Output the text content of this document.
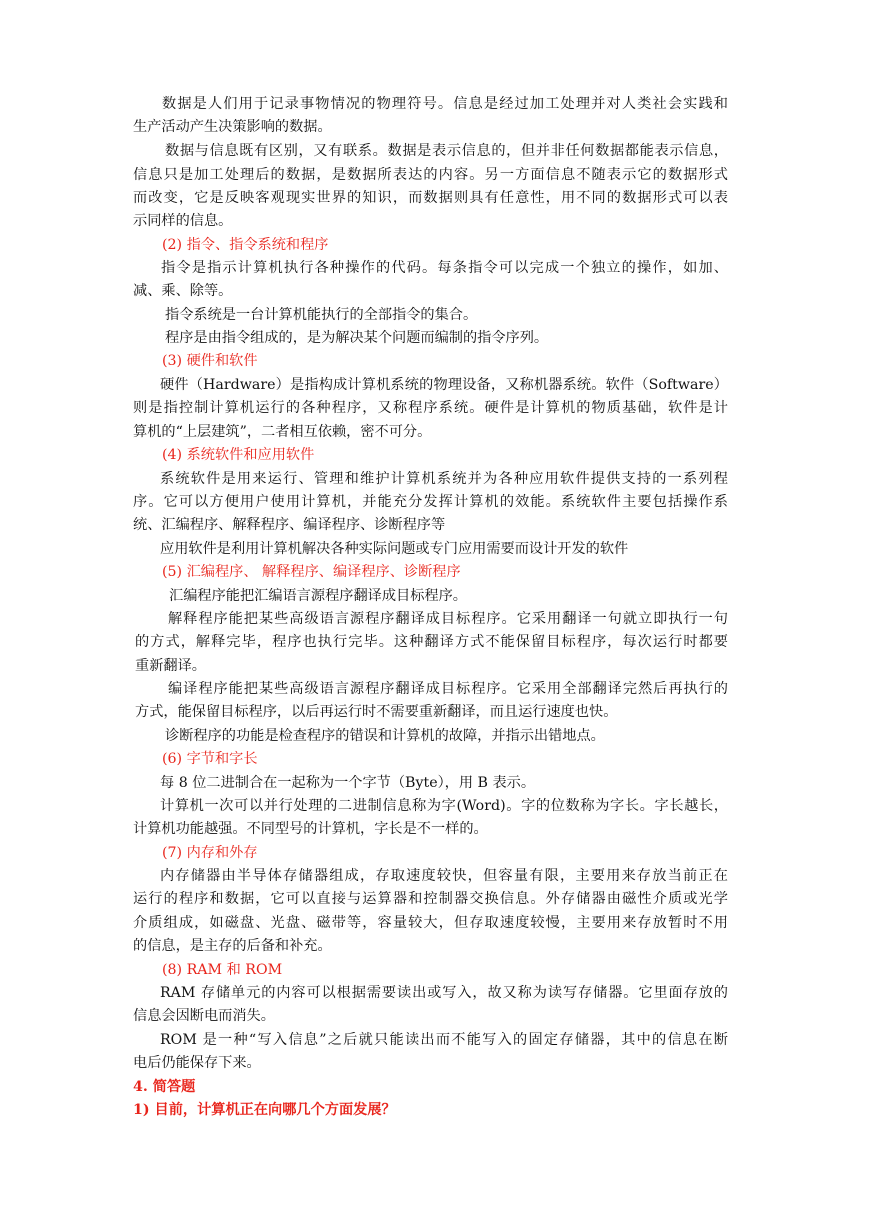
数据是人们用于记录事物情况的物理符号。信息是经过加工处理并对人类社会实践和
生产活动产生决策影响的数据。
数据与信息既有区别，又有联系。数据是表示信息的，但并非任何数据都能表示信息，
信息只是加工处理后的数据，是数据所表达的内容。另一方面信息不随表示它的数据形式
而改变，它是反映客观现实世界的知识，而数据则具有任意性，用不同的数据形式可以表
示同样的信息。
(2) 指令、指令系统和程序
指令是指示计算机执行各种操作的代码。每条指令可以完成一个独立的操作，如加、
减、乘、除等。
指令系统是一台计算机能执行的全部指令的集合。
程序是由指令组成的，是为解决某个问题而编制的指令序列。
(3) 硬件和软件
硬件（Hardware）是指构成计算机系统的物理设备，又称机器系统。软件（Software）
则是指控制计算机运行的各种程序，又称程序系统。硬件是计算机的物质基础，软件是计
算机的“上层建筑”，二者相互依赖，密不可分。
(4) 系统软件和应用软件
系统软件是用来运行、管理和维护计算机系统并为各种应用软件提供支持的一系列程
序。它可以方便用户使用计算机，并能充分发挥计算机的效能。系统软件主要包括操作系
统、汇编程序、解释程序、编译程序、诊断程序等
应用软件是利用计算机解决各种实际问题或专门应用需要而设计开发的软件
(5) 汇编程序、 解释程序、编译程序、诊断程序
汇编程序能把汇编语言源程序翻译成目标程序。
解释程序能把某些高级语言源程序翻译成目标程序。它采用翻译一句就立即执行一句
的方式，解释完毕，程序也执行完毕。这种翻译方式不能保留目标程序，每次运行时都要
重新翻译。
编译程序能把某些高级语言源程序翻译成目标程序。它采用全部翻译完然后再执行的
方式，能保留目标程序，以后再运行时不需要重新翻译，而且运行速度也快。
诊断程序的功能是检查程序的错误和计算机的故障，并指示出错地点。
(6) 字节和字长
每 8 位二进制合在一起称为一个字节（Byte），用 B 表示。
计算机一次可以并行处理的二进制信息称为字(Word)。字的位数称为字长。字长越长，
计算机功能越强。不同型号的计算机，字长是不一样的。
(7) 内存和外存
内存储器由半导体存储器组成，存取速度较快，但容量有限，主要用来存放当前正在
运行的程序和数据，它可以直接与运算器和控制器交换信息。外存储器由磁性介质或光学
介质组成，如磁盘、光盘、磁带等，容量较大，但存取速度较慢，主要用来存放暂时不用
的信息，是主存的后备和补充。
(8) RAM 和 ROM
RAM 存储单元的内容可以根据需要读出或写入，故又称为读写存储器。它里面存放的
信息会因断电而消失。
ROM 是一种“写入信息”之后就只能读出而不能写入的固定存储器，其中的信息在断
电后仍能保存下来。
4. 简答题
1) 目前，计算机正在向哪几个方面发展？
